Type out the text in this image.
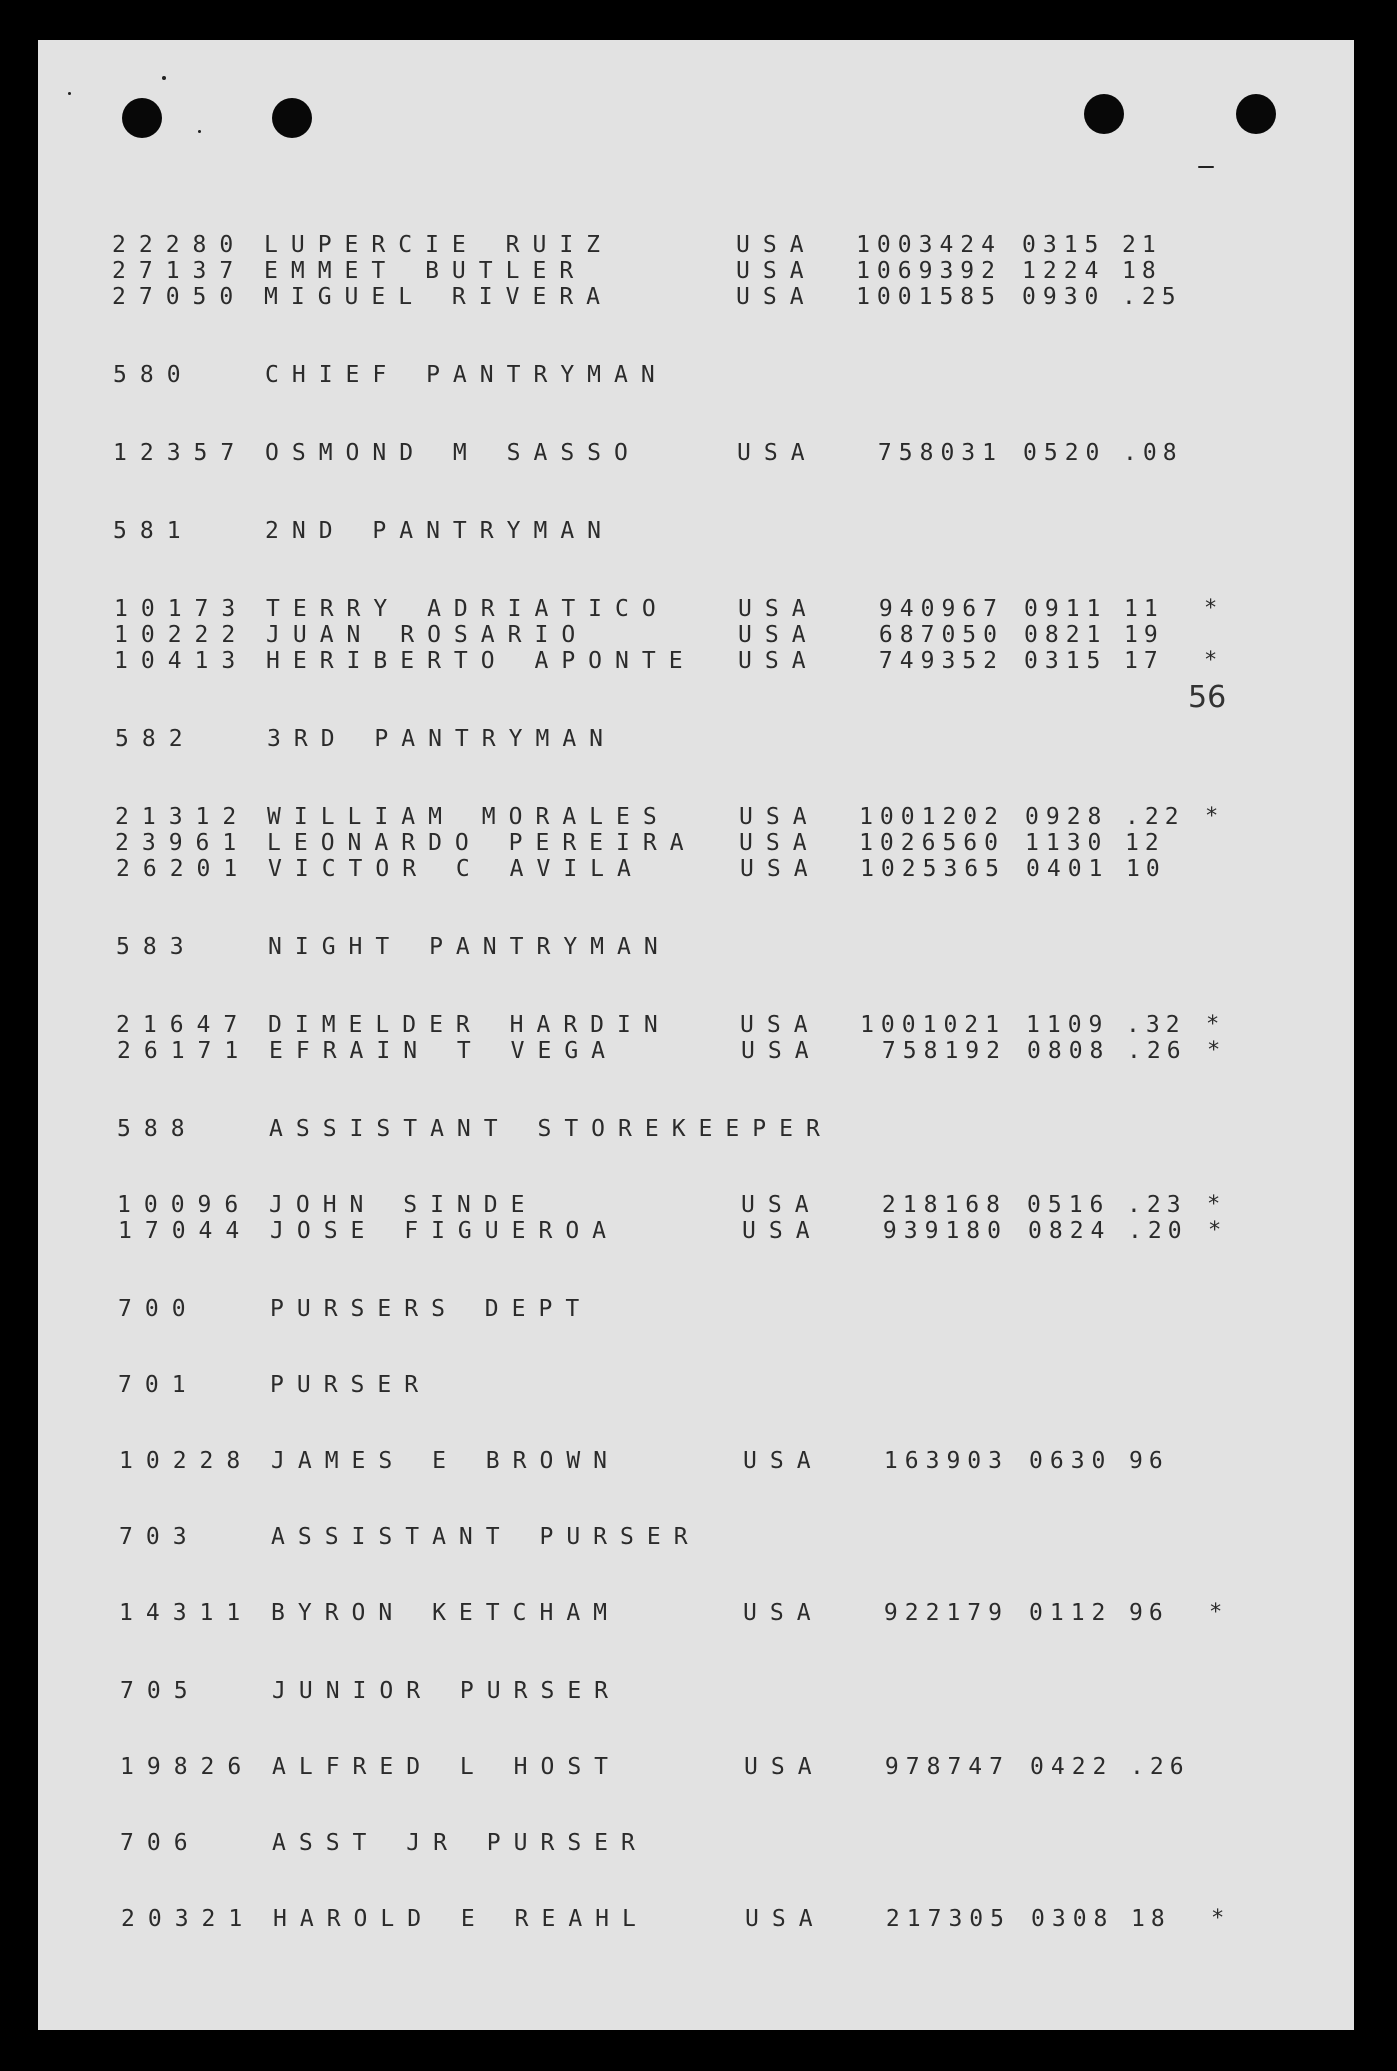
56
22280 LUPERCIE RUIZ	USA	1003424 0315 21
27137 EMMET BUTLER	USA	1069392 1224 18
27050 MIGUEL RIVERA	USA	1001585 0930 .25
580	CHIEF PANTRYMAN
12357 OSMOND M SASSO	USA	758031 0520 .08
581	2ND PANTRYMAN
10173 TERRY ADRIATICO	USA	940967 0911 11 *
10222 JUAN ROSARIO	USA	687050 0821 19
10413 HERIBERTO APONTE USA	749352 0315 17 *
582	3RD PANTRYMAN
21312 WILLIAM MORALES	USA	1001202 0928 .22 *
23961 LEONARDO PEREIRA USA	1026560 1130 12
26201 VICTOR C AVILA	USA	1025365 0401 10
583	NIGHT PANTRYMAN
21647 DIMELDER HARDIN	USA	1001021 1109 .32 *
26171 EFRAIN T VEGA	USA	758192 0808 .26 *
588	ASSISTANT STOREKEEPER
10096 JOHN SINDE	USA	218168 0516 .23 *
17044 JOSE FIGUEROA	USA	939180 0824 .20 *
700	PURSERS DEPT
701	PURSER
10228 JAMES E BROWN	USA	163903 0630 96
703	ASSISTANT PURSER
14311 BYRON KETCHAM	USA	922179 0112 96 *
705	JUNIOR PURSER
19826 ALFRED L HOST	USA	978747 0422 .26
706	ASST JR PURSER
20321 HAROLD E REAHL	USA	217305 0308 18 *
